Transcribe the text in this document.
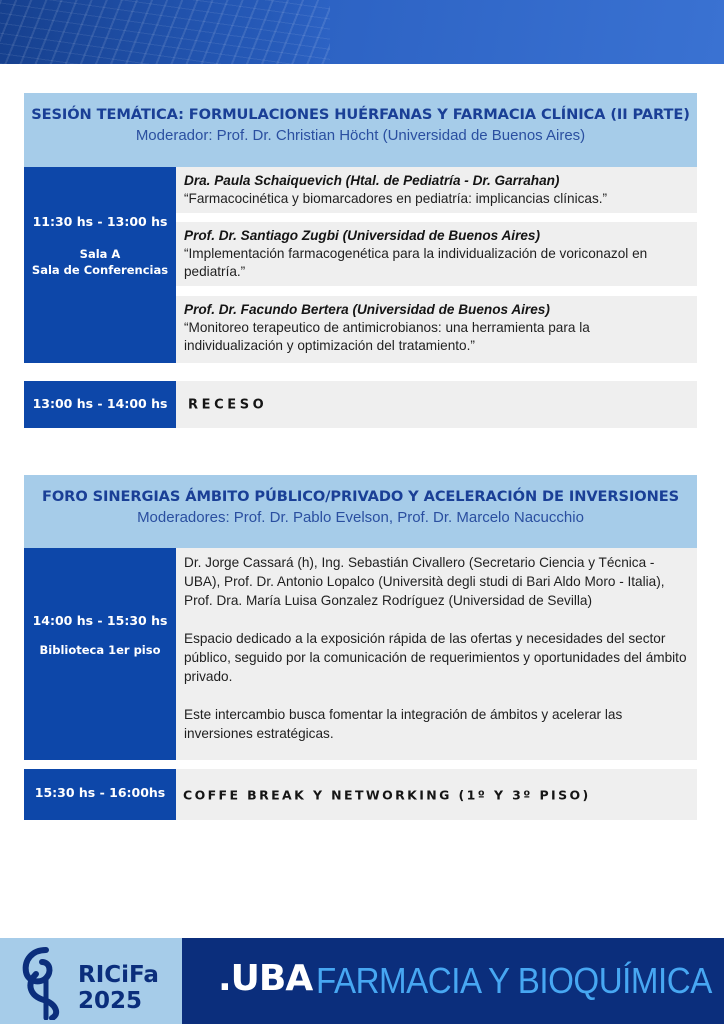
SESIÓN TEMÁTICA: FORMULACIONES HUÉRFANAS Y FARMACIA CLÍNICA (II PARTE)
Moderador: Prof. Dr. Christian Höcht (Universidad de Buenos Aires)
11:30 hs - 13:00 hs
Sala A
Sala de Conferencias
Dra. Paula Schaiquevich (Htal. de Pediatría - Dr. Garrahan)
“Farmacocinética y biomarcadores en pediatría: implicancias clínicas.”
Prof. Dr. Santiago Zugbi (Universidad de Buenos Aires)
“Implementación farmacogenética para la individualización de voriconazol en pediatría.”
Prof. Dr. Facundo Bertera (Universidad de Buenos Aires)
“Monitoreo terapeutico de antimicrobianos: una herramienta para la individualización y optimización del tratamiento.”
13:00 hs - 14:00 hs	RECESO
FORO SINERGIAS ÁMBITO PÚBLICO/PRIVADO Y ACELERACIÓN DE INVERSIONES
Moderadores: Prof. Dr. Pablo Evelson, Prof. Dr. Marcelo Nacucchio
14:00 hs - 15:30 hs
Biblioteca 1er piso

Dr. Jorge Cassará (h), Ing. Sebastián Civallero (Secretario Ciencia y Técnica - UBA), Prof. Dr. Antonio Lopalco (Università degli studi di Bari Aldo Moro - Italia), Prof. Dra. María Luisa Gonzalez Rodríguez (Universidad de Sevilla)

Espacio dedicado a la exposición rápida de las ofertas y necesidades del sector público, seguido por la comunicación de requerimientos y oportunidades del ámbito privado.

Este intercambio busca fomentar la integración de ámbitos y acelerar las inversiones estratégicas.

15:30 hs - 16:00hs	COFFE BREAK Y NETWORKING (1º Y 3º PISO)
RICiFa
2025
.UBA FARMACIA Y BIOQUÍMICA
